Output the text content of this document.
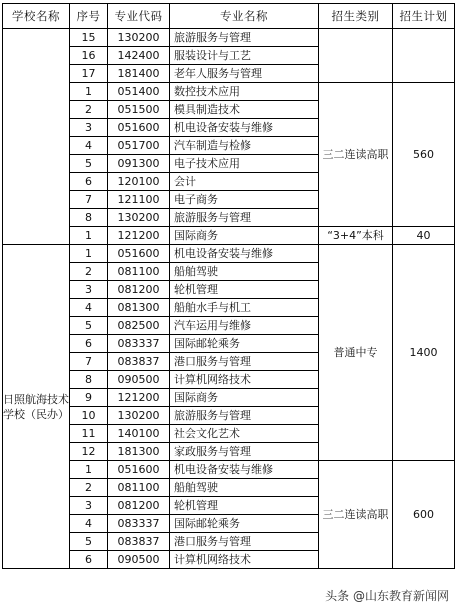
学校名称	序号	专业代码	专业名称	招生类别	招生计划
	15	130200	旅游服务与管理		
	16	142400	服装设计与工艺		
	17	181400	老年人服务与管理		
	1	051400	数控技术应用	三二连读高职	560
	2	051500	模具制造技术		
	3	051600	机电设备安装与维修		
	4	051700	汽车制造与检修		
	5	091300	电子技术应用		
	6	120100	会计		
	7	121100	电子商务		
	8	130200	旅游服务与管理		
	1	121200	国际商务	“3+4”本科	40
日照航海技术学校（民办）	1	051600	机电设备安装与维修	普通中专	1400
	2	081100	船舶驾驶		
	3	081200	轮机管理		
	4	081300	船舶水手与机工		
	5	082500	汽车运用与维修		
	6	083337	国际邮轮乘务		
	7	083837	港口服务与管理		
	8	090500	计算机网络技术		
	9	121200	国际商务		
	10	130200	旅游服务与管理		
	11	140100	社会文化艺术		
	12	181300	家政服务与管理		
	1	051600	机电设备安装与维修	三二连读高职	600
	2	081100	船舶驾驶		
	3	081200	轮机管理		
	4	083337	国际邮轮乘务		
	5	083837	港口服务与管理		
	6	090500	计算机网络技术		
头条 @山东教育新闻网
